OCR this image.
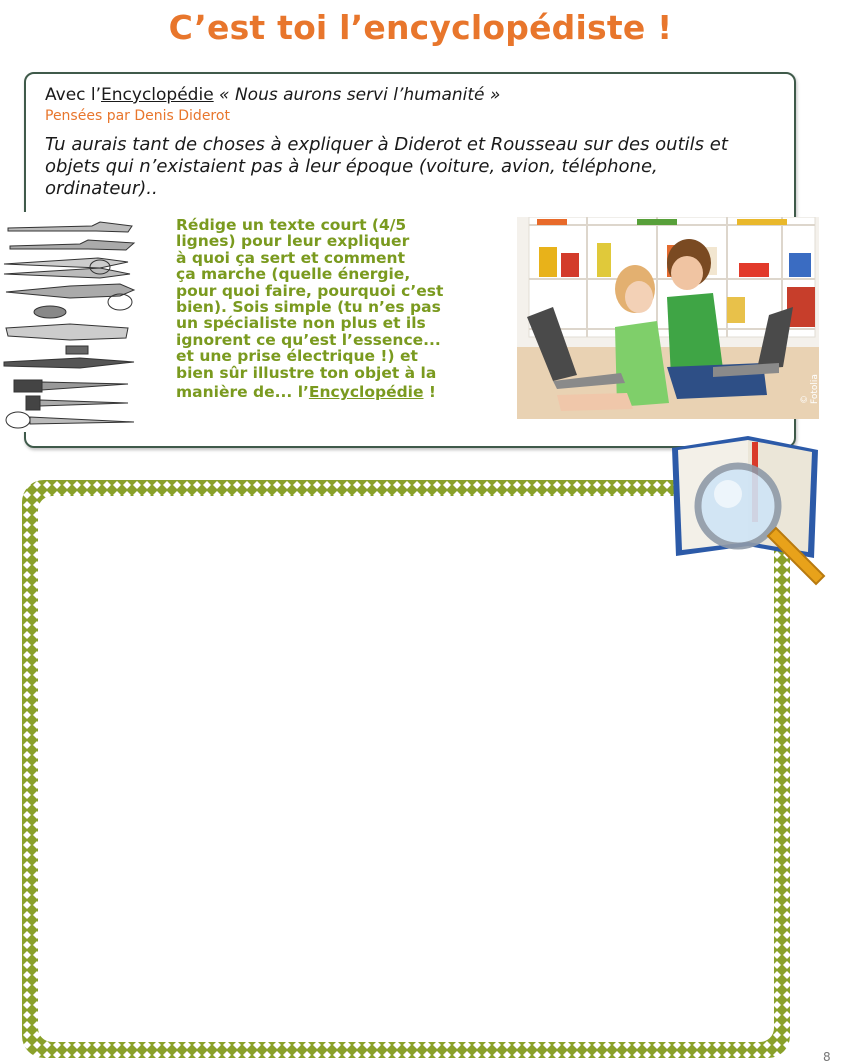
C’est toi l’encyclopédiste !
Avec l’Encyclopédie « Nous aurons servi l’humanité »
Pensées par Denis Diderot
Tu aurais tant de choses à expliquer à Diderot et Rousseau sur des outils et objets qui n’existaient pas à leur époque (voiture, avion, téléphone, ordinateur)..
Rédige un texte court (4/5
lignes) pour leur expliquer
à quoi ça sert et comment
ça marche (quelle énergie,
pour quoi faire, pourquoi c’est
bien). Sois simple (tu n’es pas
un spécialiste non plus et ils
ignorent ce qu’est l’essence...
et une prise électrique !) et
bien sûr illustre ton objet à la
manière de... l’Encyclopédie !	© Fotolia
8
